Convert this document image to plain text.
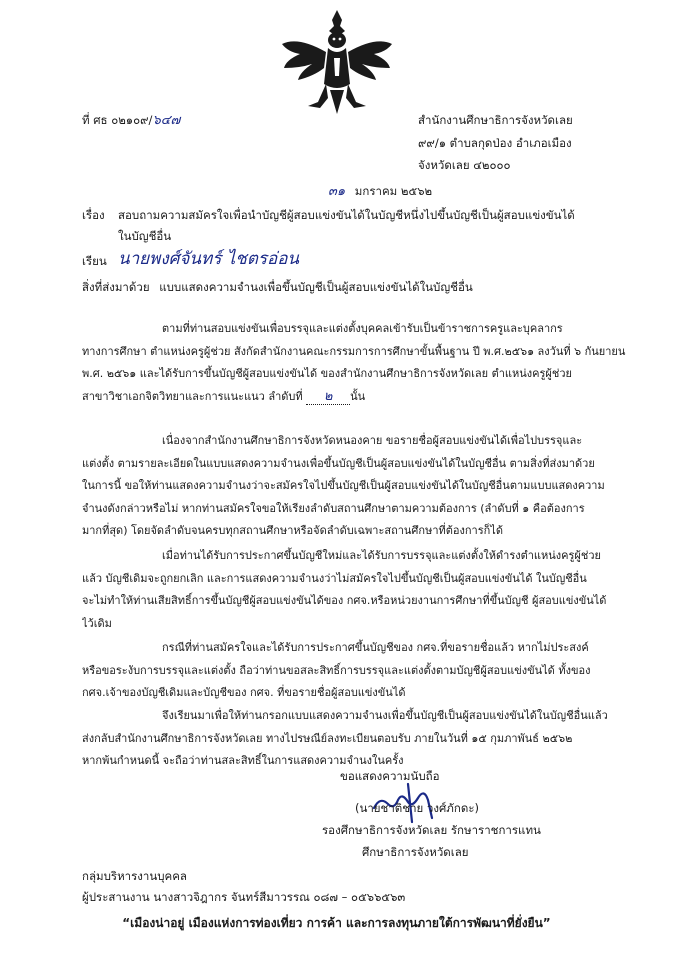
ที่ ศธ ๐๒๑๐๙/๖๔๗	สำนักงานศึกษาธิการจังหวัดเลย
๙๙/๑ ตำบลกุดป่อง อำเภอเมือง
จังหวัดเลย ๔๒๐๐๐
๓๑ มกราคม ๒๕๖๒
เรื่อง สอบถามความสมัครใจเพื่อนำบัญชีผู้สอบแข่งขันได้ในบัญชีหนึ่งไปขึ้นบัญชีเป็นผู้สอบแข่งขันได้
ในบัญชีอื่น
เรียน นายพงศ์จันทร์ ไชตรอ่อน
สิ่งที่ส่งมาด้วย แบบแสดงความจำนงเพื่อขึ้นบัญชีเป็นผู้สอบแข่งขันได้ในบัญชีอื่น
ตามที่ท่านสอบแข่งขันเพื่อบรรจุและแต่งตั้งบุคคลเข้ารับเป็นข้าราชการครูและบุคลากร
ทางการศึกษา ตำแหน่งครูผู้ช่วย สังกัดสำนักงานคณะกรรมการการศึกษาขั้นพื้นฐาน ปี พ.ศ.๒๕๖๑ ลงวันที่ ๖ กันยายน
พ.ศ. ๒๕๖๑ และได้รับการขึ้นบัญชีผู้สอบแข่งขันได้ ของสำนักงานศึกษาธิการจังหวัดเลย ตำแหน่งครูผู้ช่วย
สาขาวิชาเอกจิตวิทยาและการแนะแนว ลำดับที่ ๒ นั้น
เนื่องจากสำนักงานศึกษาธิการจังหวัดหนองคาย ขอรายชื่อผู้สอบแข่งขันได้เพื่อไปบรรจุและ
แต่งตั้ง ตามรายละเอียดในแบบแสดงความจำนงเพื่อขึ้นบัญชีเป็นผู้สอบแข่งขันได้ในบัญชีอื่น ตามสิ่งที่ส่งมาด้วย
ในการนี้ ขอให้ท่านแสดงความจำนงว่าจะสมัครใจไปขึ้นบัญชีเป็นผู้สอบแข่งขันได้ในบัญชีอื่นตามแบบแสดงความ
จำนงดังกล่าวหรือไม่ หากท่านสมัครใจขอให้เรียงลำดับสถานศึกษาตามความต้องการ (ลำดับที่ ๑ คือต้องการ
มากที่สุด) โดยจัดลำดับจนครบทุกสถานศึกษาหรือจัดลำดับเฉพาะสถานศึกษาที่ต้องการก็ได้
เมื่อท่านได้รับการประกาศขึ้นบัญชีใหม่และได้รับการบรรจุและแต่งตั้งให้ดำรงตำแหน่งครูผู้ช่วย
แล้ว บัญชีเดิมจะถูกยกเลิก และการแสดงความจำนงว่าไม่สมัครใจไปขึ้นบัญชีเป็นผู้สอบแข่งขันได้ ในบัญชีอื่น
จะไม่ทำให้ท่านเสียสิทธิ์การขึ้นบัญชีผู้สอบแข่งขันได้ของ กศจ.หรือหน่วยงานการศึกษาที่ขึ้นบัญชี ผู้สอบแข่งขันได้
ไว้เดิม
กรณีที่ท่านสมัครใจและได้รับการประกาศขึ้นบัญชีของ กศจ.ที่ขอรายชื่อแล้ว หากไม่ประสงค์
หรือขอระงับการบรรจุและแต่งตั้ง ถือว่าท่านขอสละสิทธิ์การบรรจุและแต่งตั้งตามบัญชีผู้สอบแข่งขันได้ ทั้งของ
กศจ.เจ้าของบัญชีเดิมและบัญชีของ กศจ. ที่ขอรายชื่อผู้สอบแข่งขันได้
จึงเรียนมาเพื่อให้ท่านกรอกแบบแสดงความจำนงเพื่อขึ้นบัญชีเป็นผู้สอบแข่งขันได้ในบัญชีอื่นแล้ว
ส่งกลับสำนักงานศึกษาธิการจังหวัดเลย ทางไปรษณีย์ลงทะเบียนตอบรับ ภายในวันที่ ๑๕ กุมภาพันธ์ ๒๕๖๒
หากพ้นกำหนดนี้ จะถือว่าท่านสละสิทธิ์ในการแสดงความจำนงในครั้ง
ขอแสดงความนับถือ
(นายชาติชาย วงศ์ภักดะ)
รองศึกษาธิการจังหวัดเลย รักษาราชการแทน
ศึกษาธิการจังหวัดเลย
กลุ่มบริหารงานบุคคล
ผู้ประสานงาน นางสาวจิฎากร จันทร์สีมาวรรณ ๐๘๗ – ๐๕๖๖๕๖๓
“เมืองน่าอยู่ เมืองแห่งการท่องเที่ยว การค้า และการลงทุนภายใต้การพัฒนาที่ยั่งยืน”
